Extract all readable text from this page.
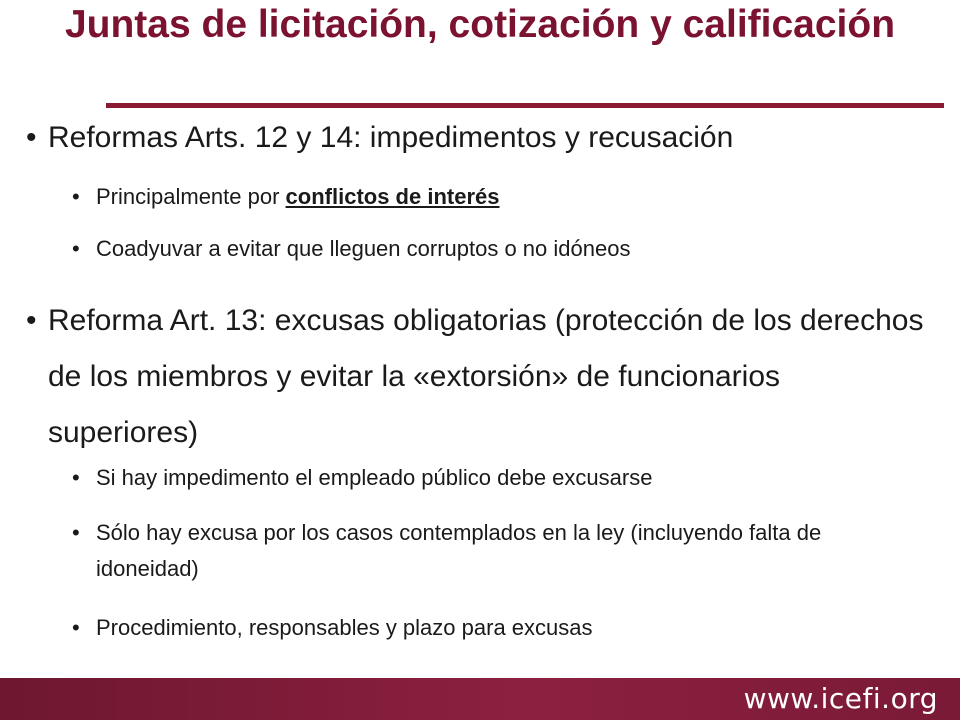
Juntas de licitación, cotización y calificación
• Reformas Arts. 12 y 14: impedimentos y recusación
• Principalmente por conflictos de interés
• Coadyuvar a evitar que lleguen corruptos o no idóneos
• Reforma Art. 13: excusas obligatorias (protección de los derechos de los miembros y evitar la «extorsión» de funcionarios superiores)
• Si hay impedimento el empleado público debe excusarse
• Sólo hay excusa por los casos contemplados en la ley (incluyendo falta de idoneidad)
• Procedimiento, responsables y plazo para excusas
www.icefi.org
